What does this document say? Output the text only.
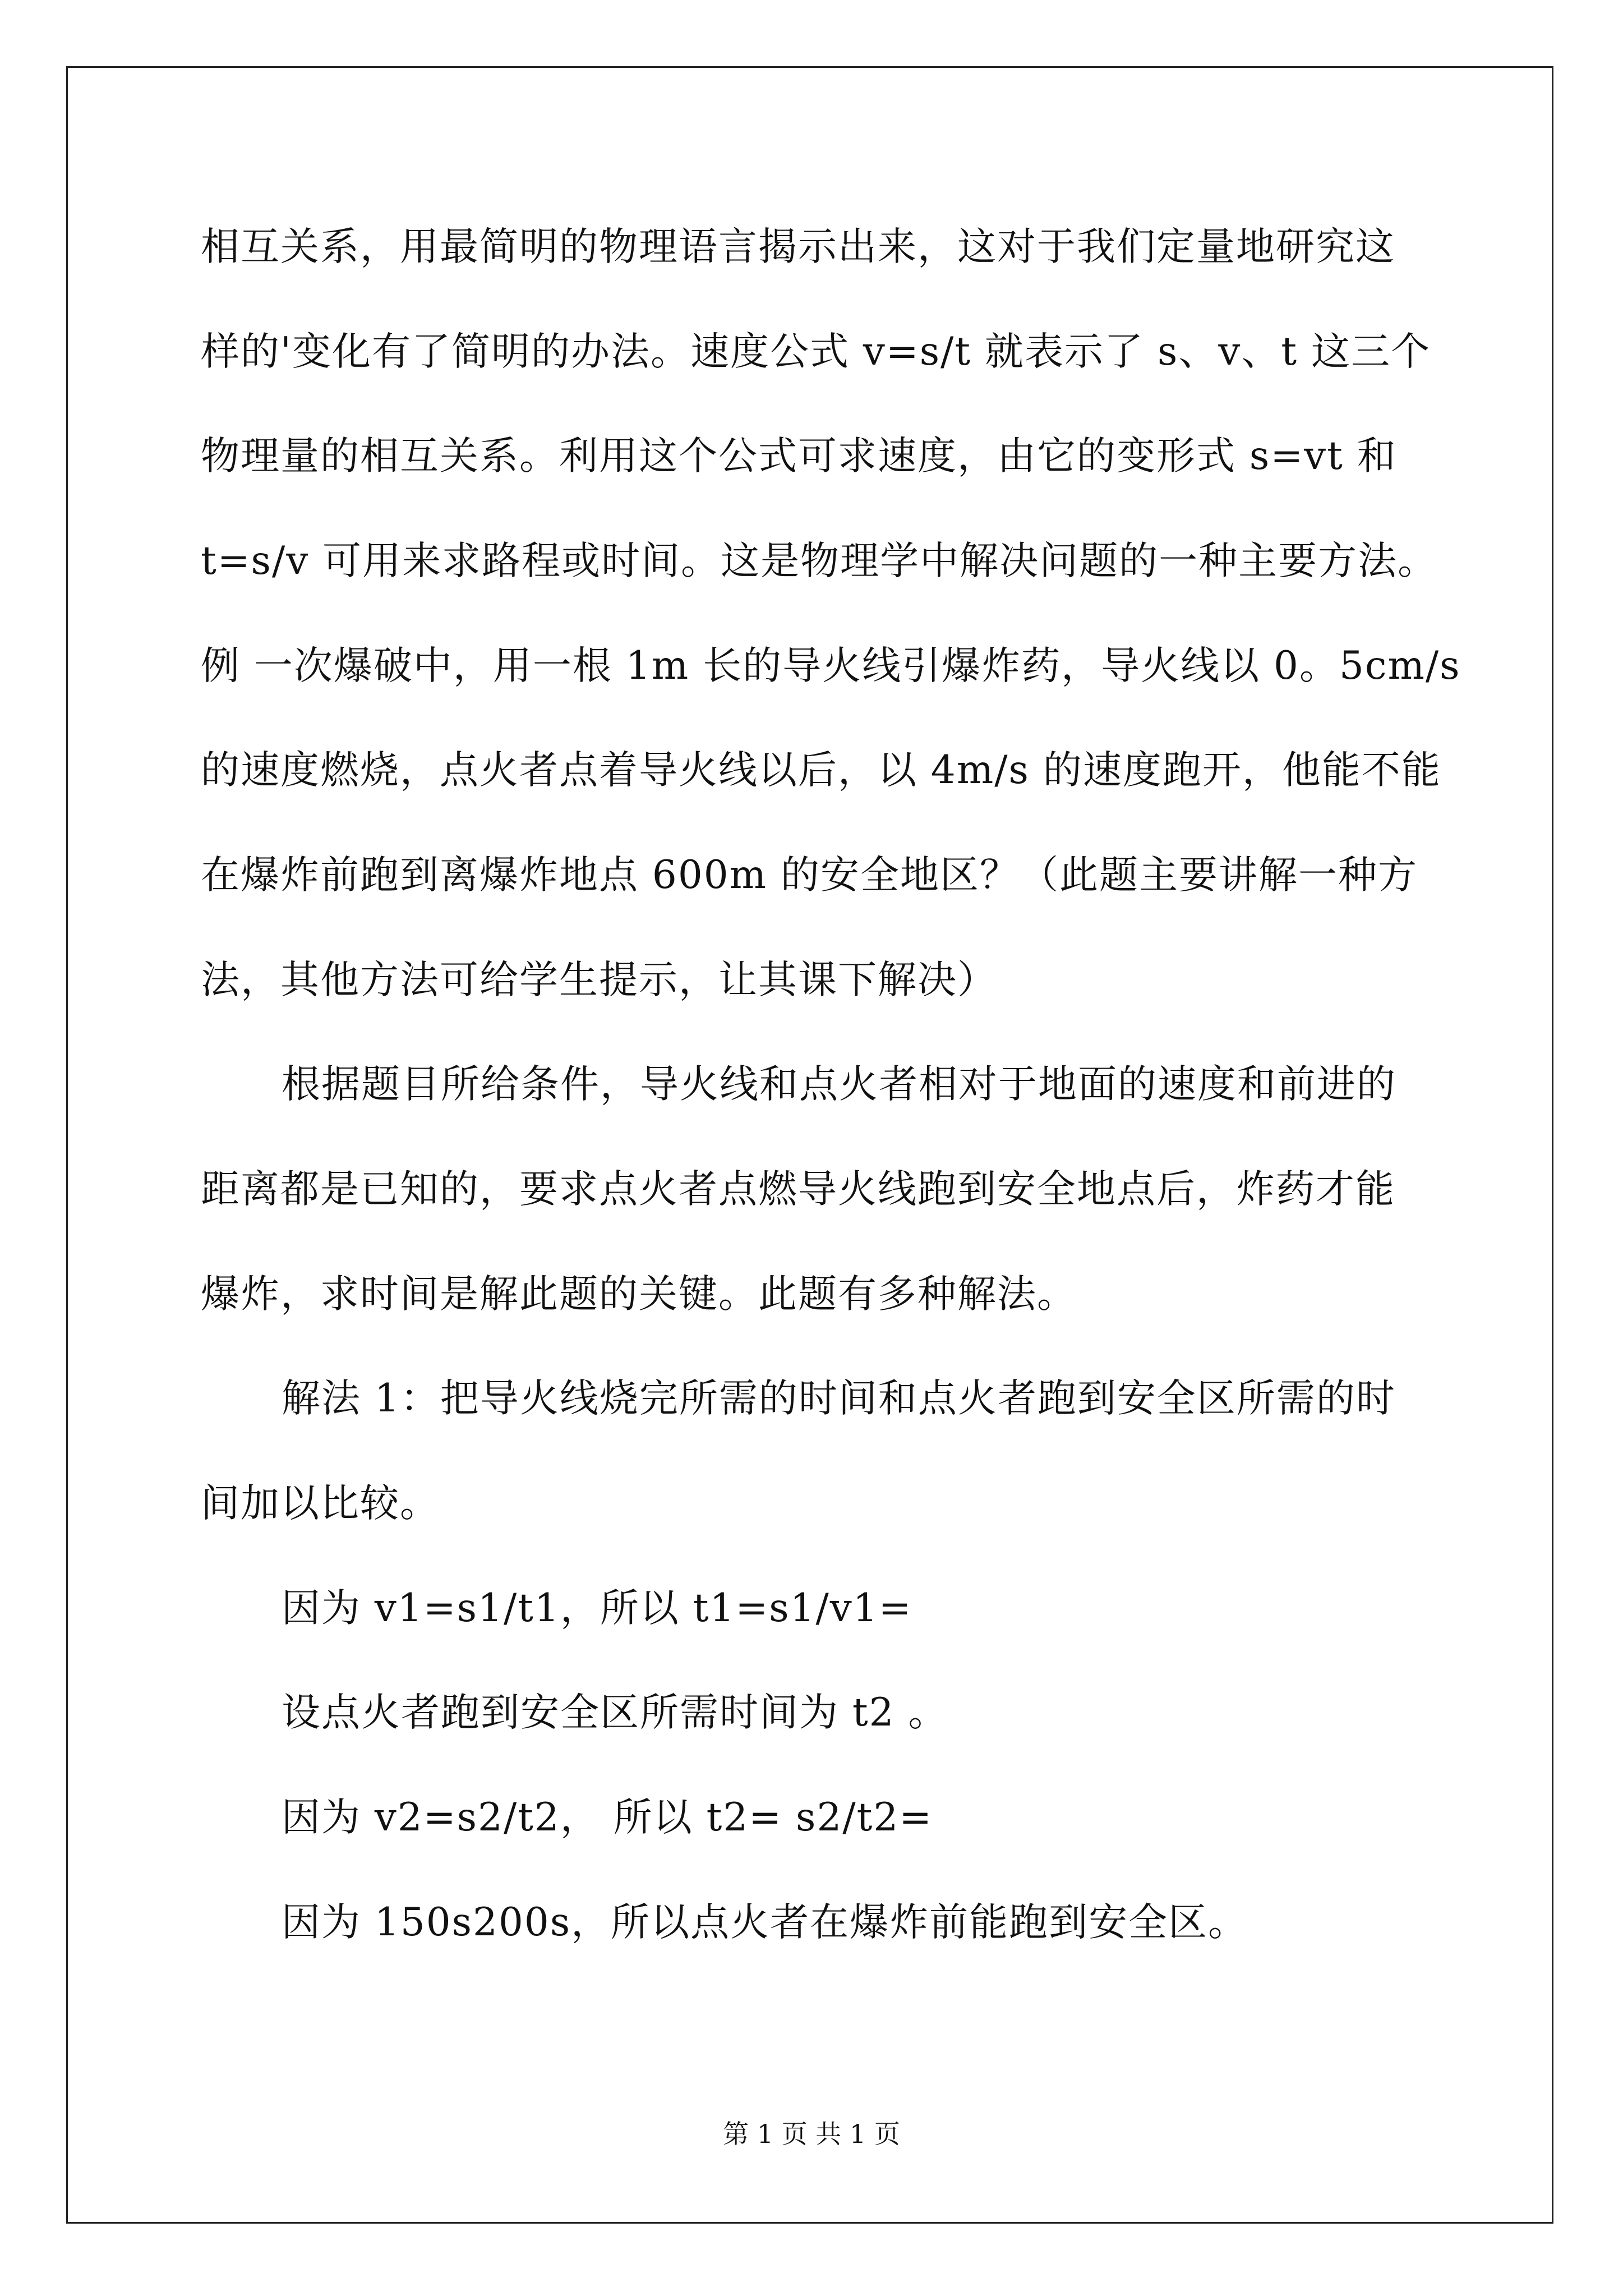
相互关系，用最简明的物理语言揭示出来，这对于我们定量地研究这
样的'变化有了简明的办法。速度公式 v=s/t 就表示了 s、v、t 这三个
物理量的相互关系。利用这个公式可求速度，由它的变形式 s=vt 和
t=s/v 可用来求路程或时间。这是物理学中解决问题的一种主要方法。
例 一次爆破中，用一根 1m 长的导火线引爆炸药，导火线以 0。5cm/s
的速度燃烧，点火者点着导火线以后，以 4m/s 的速度跑开，他能不能
在爆炸前跑到离爆炸地点 600m 的安全地区？（此题主要讲解一种方
法，其他方法可给学生提示，让其课下解决）
根据题目所给条件，导火线和点火者相对于地面的速度和前进的
距离都是已知的，要求点火者点燃导火线跑到安全地点后，炸药才能
爆炸，求时间是解此题的关键。此题有多种解法。
解法 1：把导火线烧完所需的时间和点火者跑到安全区所需的时
间加以比较。
因为 v1=s1/t1，所以 t1=s1/v1=
设点火者跑到安全区所需时间为 t2 。
因为 v2=s2/t2， 所以 t2= s2/t2=
因为 150s200s，所以点火者在爆炸前能跑到安全区。
第 1 页 共 1 页
